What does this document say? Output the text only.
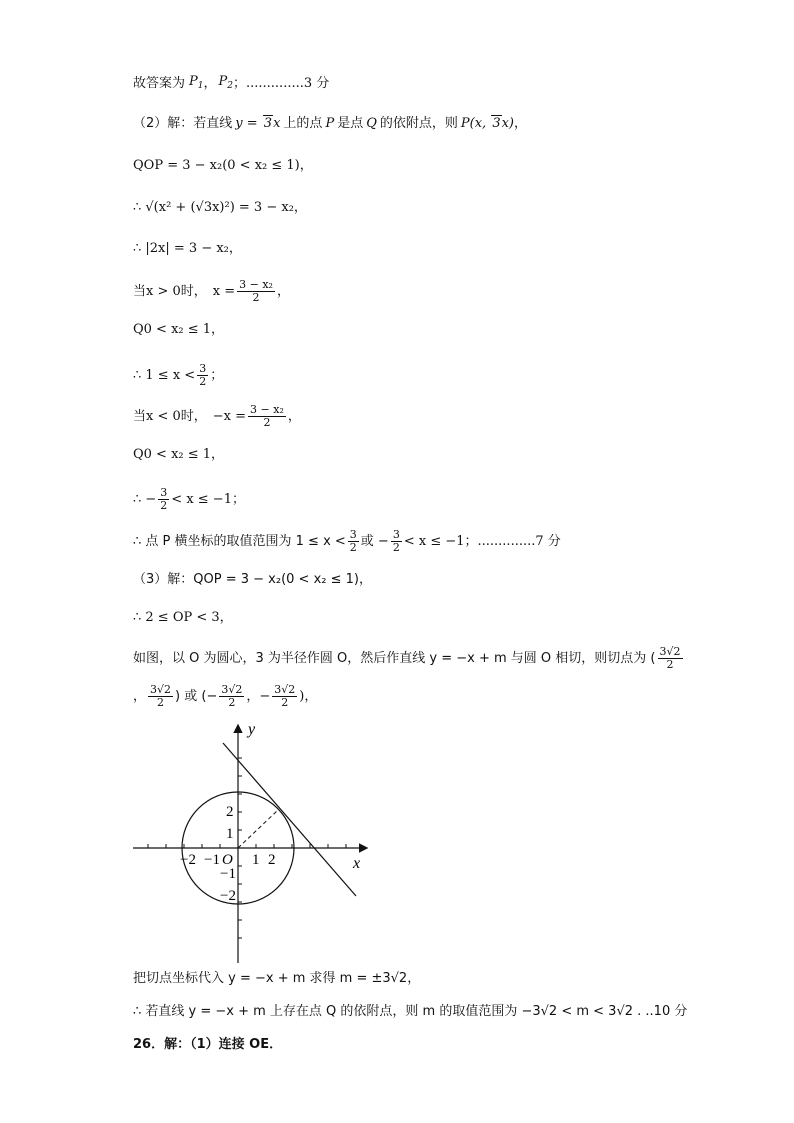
故答案为 $P_1$ ， $P_2$ ；..............3 分
（2）解：若直线 y = 3x 上的点 P 是点 Q 的依附点，则 P(x, 3x) ，
QOP = 3 − x₂(0 < x₂ ≤ 1)，
∴ √(x² + (√3x)²) = 3 − x₂，
∴ |2x| = 3 − x₂，
当 x > 0时， $x = \frac{\text{3 − x₂}}{2}$ ，
Q0 < x₂ ≤ 1，
∴ $1 \le x < \frac{3}{2}$ ；
当 x < 0时， $-x = \frac{\text{3 − x₂}}{2}$ ，
Q0 < x₂ ≤ 1，
∴ − $\frac{3}{2} < x \le -1$；
∴ 点 P 横坐标的取值范围为 $1 \le x < \frac{3}{2}$ 或 − $\frac{3}{2} < x \le -1$；..............7 分
（3）解：QOP = 3 − x₂(0 < x₂ ≤ 1)，
∴ 2 ≤ OP < 3，
如图，以 O 为圆心，3 为半径作圆 O，然后作直线 y = −x + m 与圆 O 相切，则切点为 ( $\frac{3√2}{2}$
， $\frac{3√2}{2}$ ) 或 (− $\frac{3√2}{2}$ ，− $\frac{3√2}{2}$ )，
y
x
O
−2 −1 1 2
2
1
−1
−2
把切点坐标代入 y = −x + m 求得 m = ±3√2，
∴ 若直线 y = −x + m 上存在点 Q 的依附点，则 m 的取值范围为 −3√2 < m < 3√2 . ..10 分
26．解：（1）连接 OE．
